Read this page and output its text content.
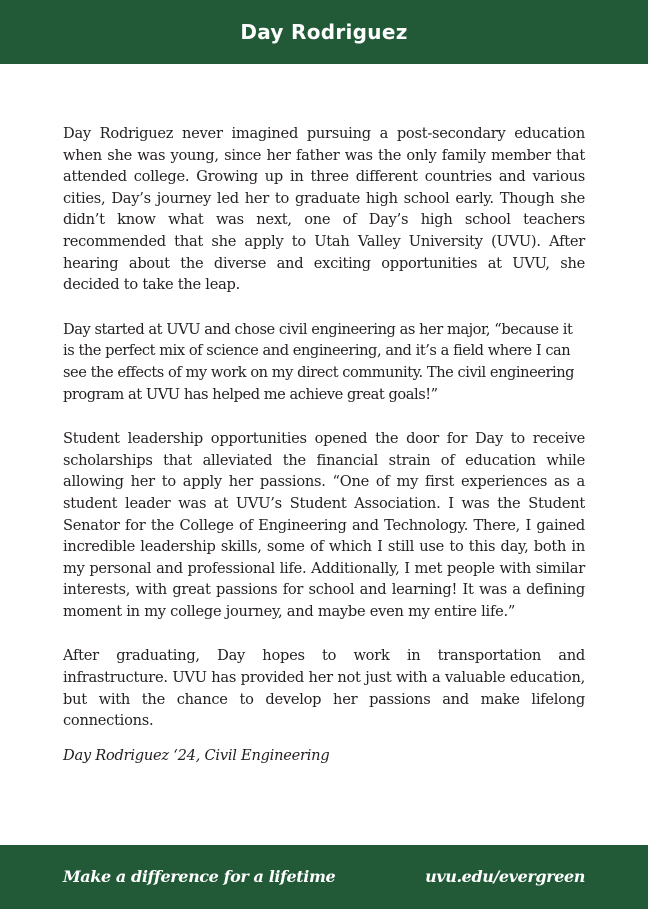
Day Rodriguez

Day Rodriguez never imagined pursuing a post-secondary education when she was young, since her father was the only family member that attended college. Growing up in three different countries and various cities, Day’s journey led her to graduate high school early. Though she didn’t know what was next, one of Day’s high school teachers recommended that she apply to Utah Valley University (UVU). After hearing about the diverse and exciting opportunities at UVU, she decided to take the leap.

Day started at UVU and chose civil engineering as her major, “because it is the perfect mix of science and engineering, and it’s a field where I can see the effects of my work on my direct community. The civil engineering program at UVU has helped me achieve great goals!”

Student leadership opportunities opened the door for Day to receive scholarships that alleviated the financial strain of education while allowing her to apply her passions. “One of my first experiences as a student leader was at UVU’s Student Association. I was the Student Senator for the College of Engineering and Technology. There, I gained incredible leadership skills, some of which I still use to this day, both in my personal and professional life. Additionally, I met people with similar interests, with great passions for school and learning! It was a defining moment in my college journey, and maybe even my entire life.”

After graduating, Day hopes to work in transportation and infrastructure. UVU has provided her not just with a valuable education, but with the chance to develop her passions and make lifelong connections.

Day Rodriguez ‘24, Civil Engineering

Make a difference for a lifetime	uvu.edu/evergreen
